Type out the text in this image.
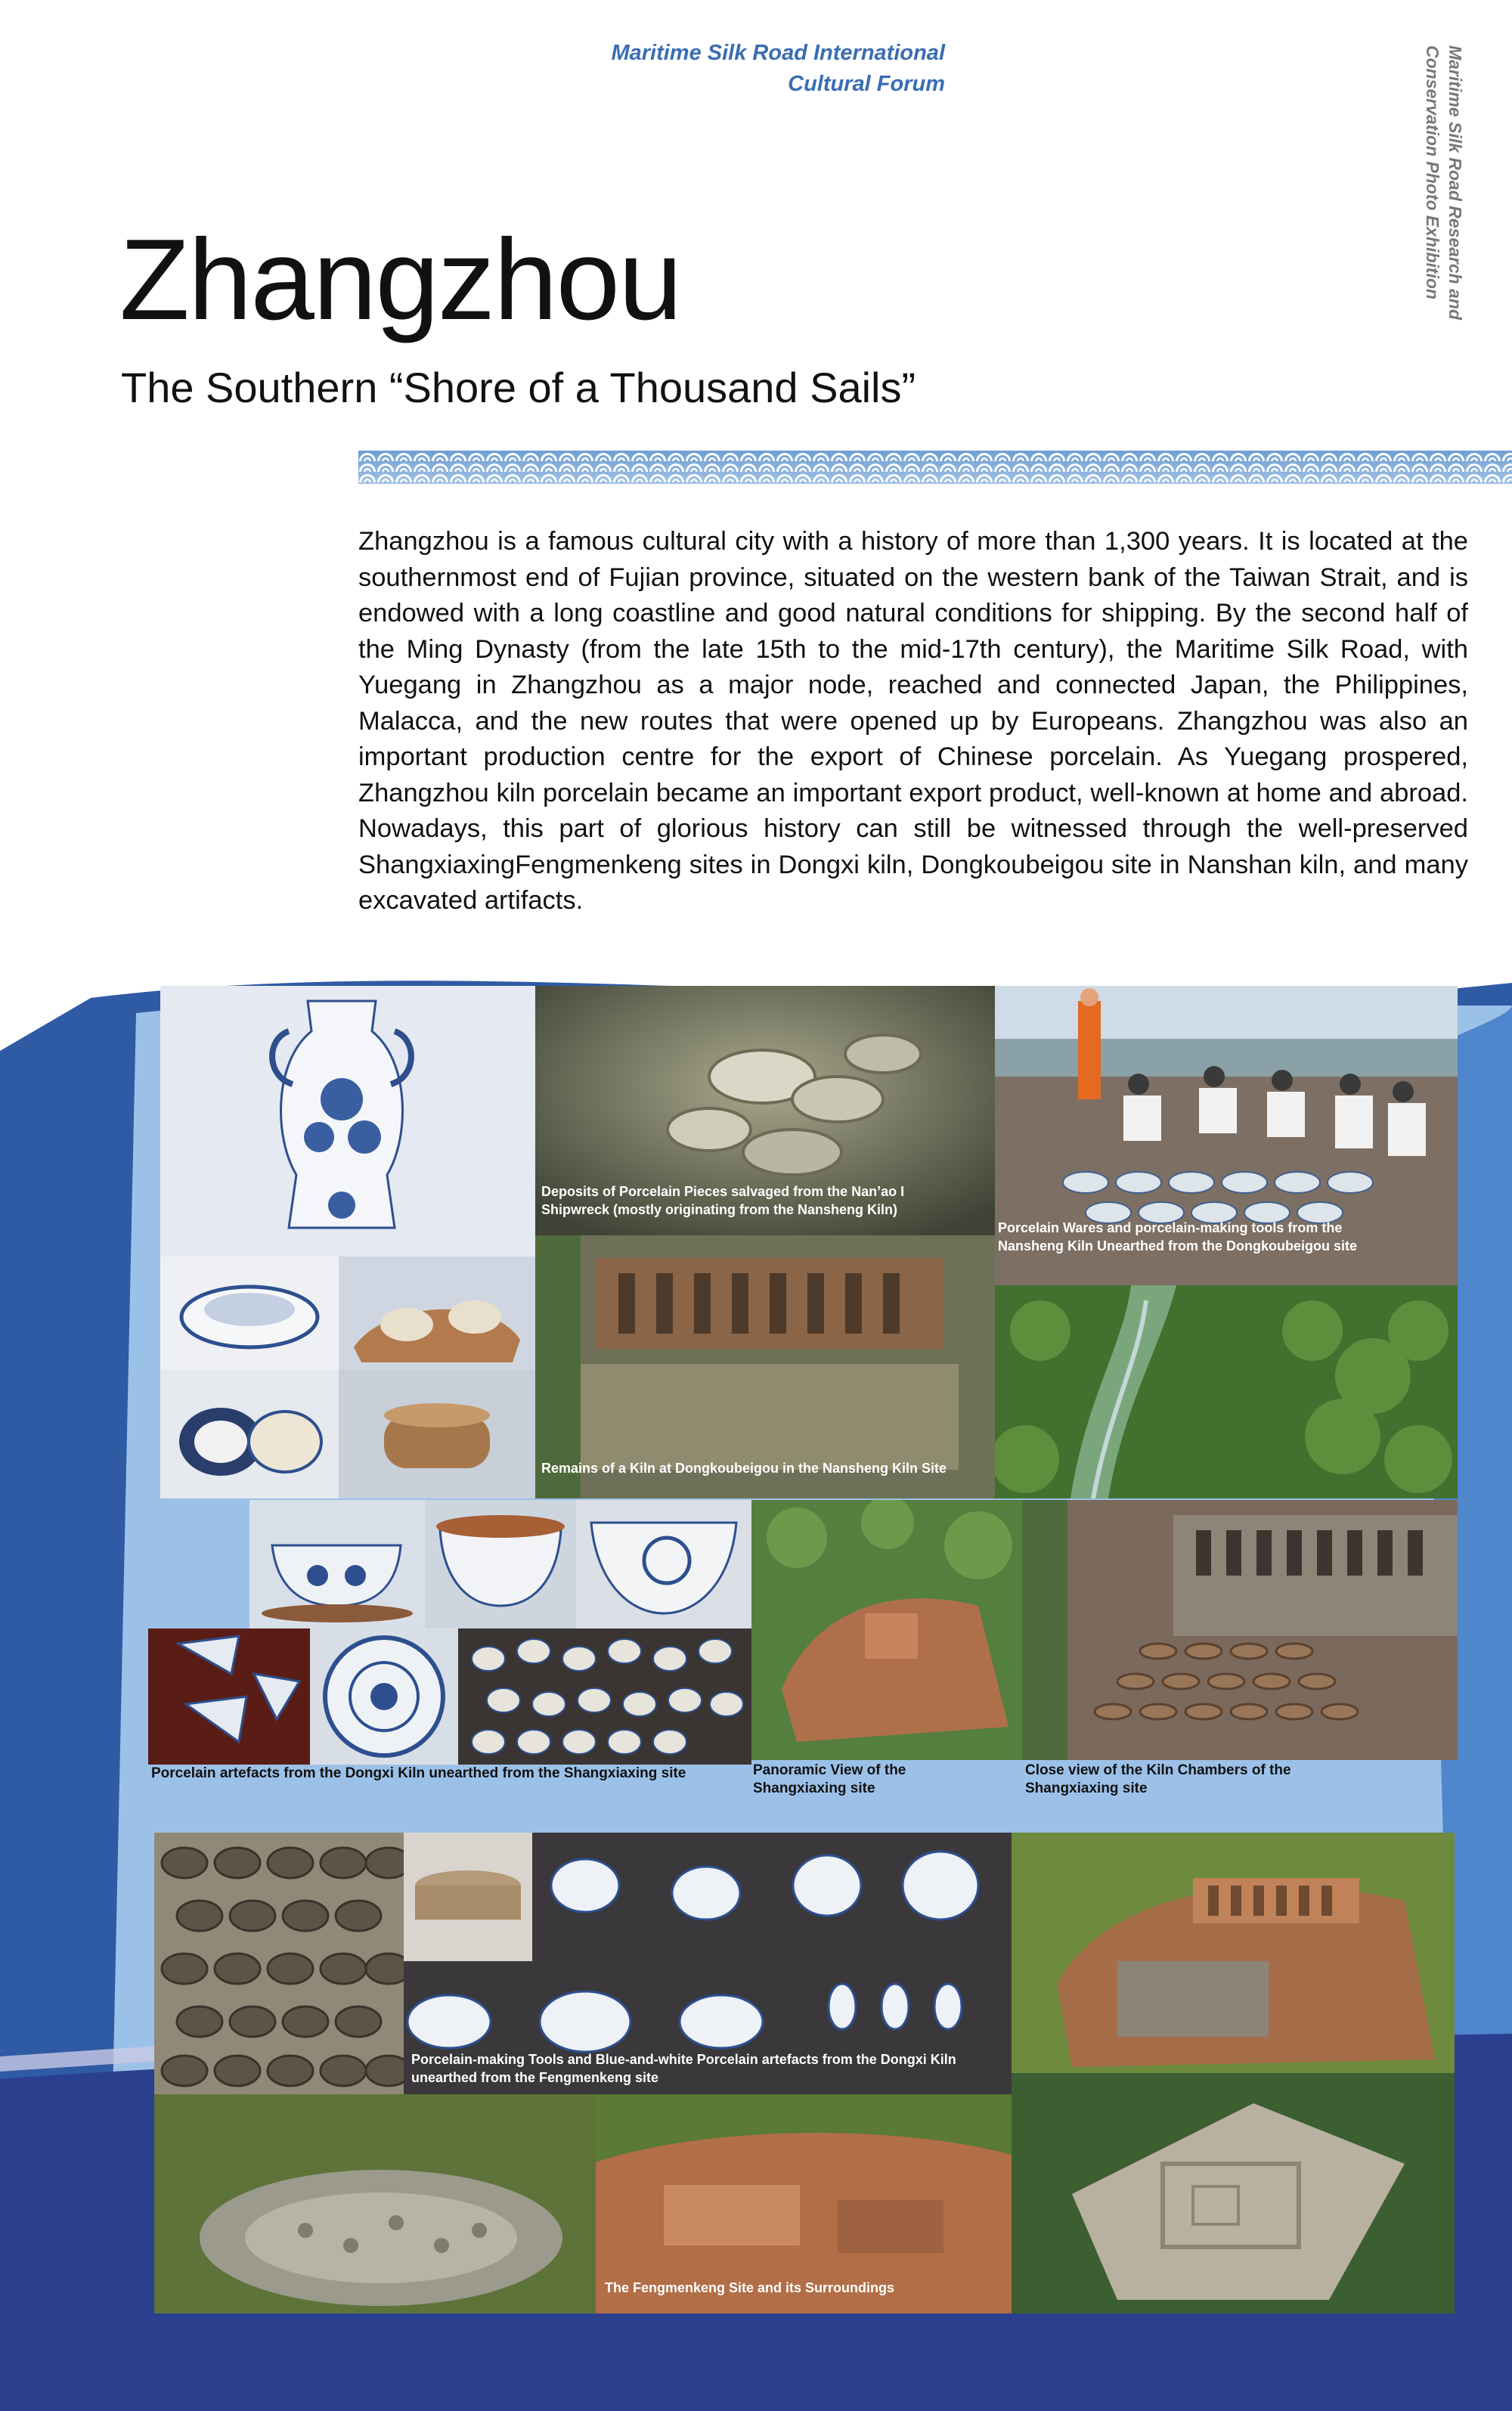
Maritime Silk Road International
Cultural Forum	Maritime Silk Road Research and
Conservation Photo Exhibition
Zhangzhou
The Southern “Shore of a Thousand Sails”
Zhangzhou is a famous cultural city with a history of more than 1,300 years. It is located at the southernmost end of Fujian province, situated on the western bank of the Taiwan Strait, and is endowed with a long coastline and good natural conditions for shipping. By the second half of the Ming Dynasty (from the late 15th to the mid-17th century), the Maritime Silk Road, with Yuegang in Zhangzhou as a major node, reached and connected Japan, the Philippines, Malacca, and the new routes that were opened up by Europeans. Zhangzhou was also an important production centre for the export of Chinese porcelain. As Yuegang prospered, Zhangzhou kiln porcelain became an important export product, well-known at home and abroad. Nowadays, this part of glorious history can still be witnessed through the well-preserved ShangxiaxingFengmenkeng sites in Dongxi kiln, Dongkoubeigou site in Nanshan kiln, and many excavated artifacts.
Deposits of Porcelain Pieces salvaged from the Nan’ao I Shipwreck (mostly originating from the Nansheng Kiln)
Porcelain Wares and porcelain-making tools from the Nansheng Kiln Unearthed from the Dongkoubeigou site
Remains of a Kiln at Dongkoubeigou in the Nansheng Kiln Site
Panoramic View of the Shangxiaxing site
Close view of the Kiln Chambers of the Shangxiaxing site
Porcelain artefacts from the Dongxi Kiln unearthed from the Shangxiaxing site
Porcelain-making Tools and Blue-and-white Porcelain artefacts from the Dongxi Kiln unearthed from the Fengmenkeng site
The Fengmenkeng Site and its Surroundings
